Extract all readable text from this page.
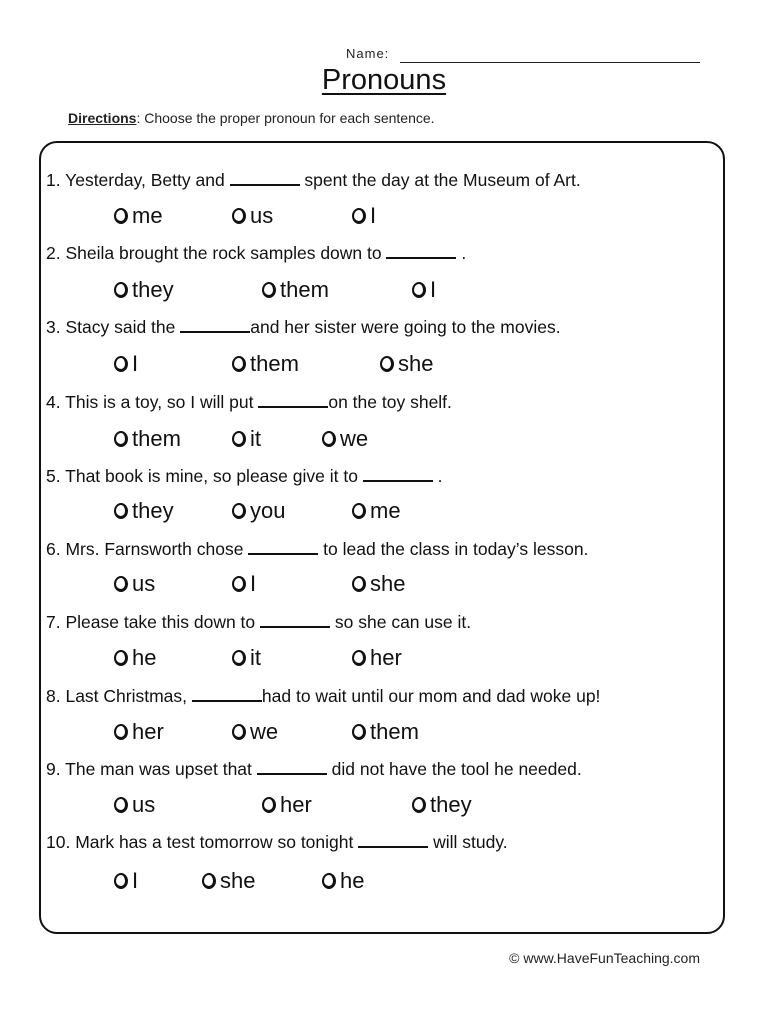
Name:
Pronouns
Directions: Choose the proper pronoun for each sentence.
1. Yesterday, Betty and	spent the day at the Museum of Art.
me	us	I
2. Sheila brought the rock samples down to	.
they	them	I
3. Stacy said the	and her sister were going to the movies.
I	them	she
4. This is a toy, so I will put	on the toy shelf.
them	it	we
5. That book is mine, so please give it to	.
they	you	me
6. Mrs. Farnsworth chose	to lead the class in today’s lesson.
us	I	she
7. Please take this down to	so she can use it.
he	it	her
8. Last Christmas,	had to wait until our mom and dad woke up!
her	we	them
9. The man was upset that	did not have the tool he needed.
us	her	they
10. Mark has a test tomorrow so tonight	will study.
I	she	he
© www.HaveFunTeaching.com
